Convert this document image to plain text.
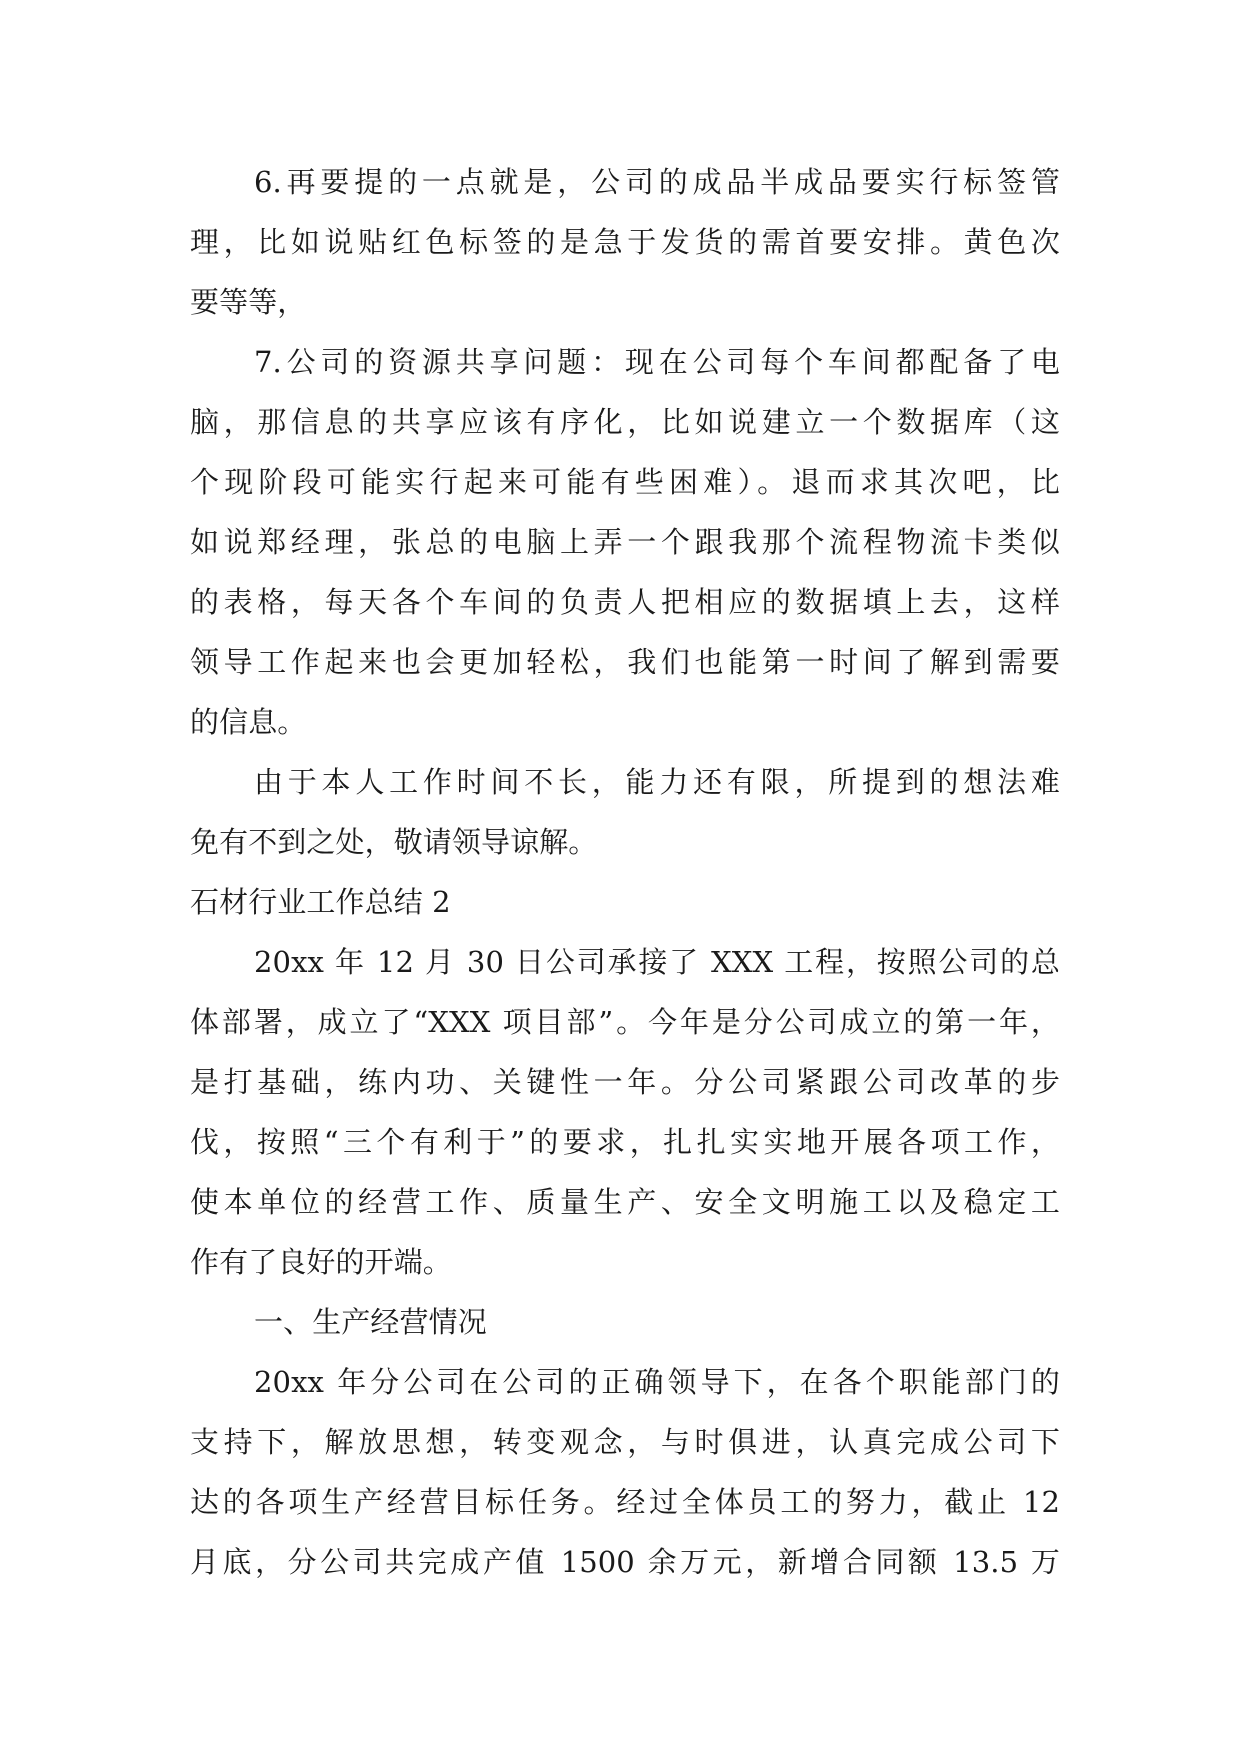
6.再要提的一点就是，公司的成品半成品要实行标签管
理，比如说贴红色标签的是急于发货的需首要安排。黄色次
要等等，
7.公司的资源共享问题：现在公司每个车间都配备了电
脑，那信息的共享应该有序化，比如说建立一个数据库（这
个现阶段可能实行起来可能有些困难）。退而求其次吧，比
如说郑经理，张总的电脑上弄一个跟我那个流程物流卡类似
的表格，每天各个车间的负责人把相应的数据填上去，这样
领导工作起来也会更加轻松，我们也能第一时间了解到需要
的信息。
由于本人工作时间不长，能力还有限，所提到的想法难
免有不到之处，敬请领导谅解。
石材行业工作总结 2
20xx 年 12 月 30 日公司承接了 XXX 工程，按照公司的总
体部署，成立了“XXX 项目部”。今年是分公司成立的第一年，
是打基础，练内功、关键性一年。分公司紧跟公司改革的步
伐，按照“三个有利于”的要求，扎扎实实地开展各项工作，
使本单位的经营工作、质量生产、安全文明施工以及稳定工
作有了良好的开端。
一、生产经营情况
20xx 年分公司在公司的正确领导下，在各个职能部门的
支持下，解放思想，转变观念，与时俱进，认真完成公司下
达的各项生产经营目标任务。经过全体员工的努力，截止 12
月底，分公司共完成产值 1500 余万元，新增合同额 13.5 万
